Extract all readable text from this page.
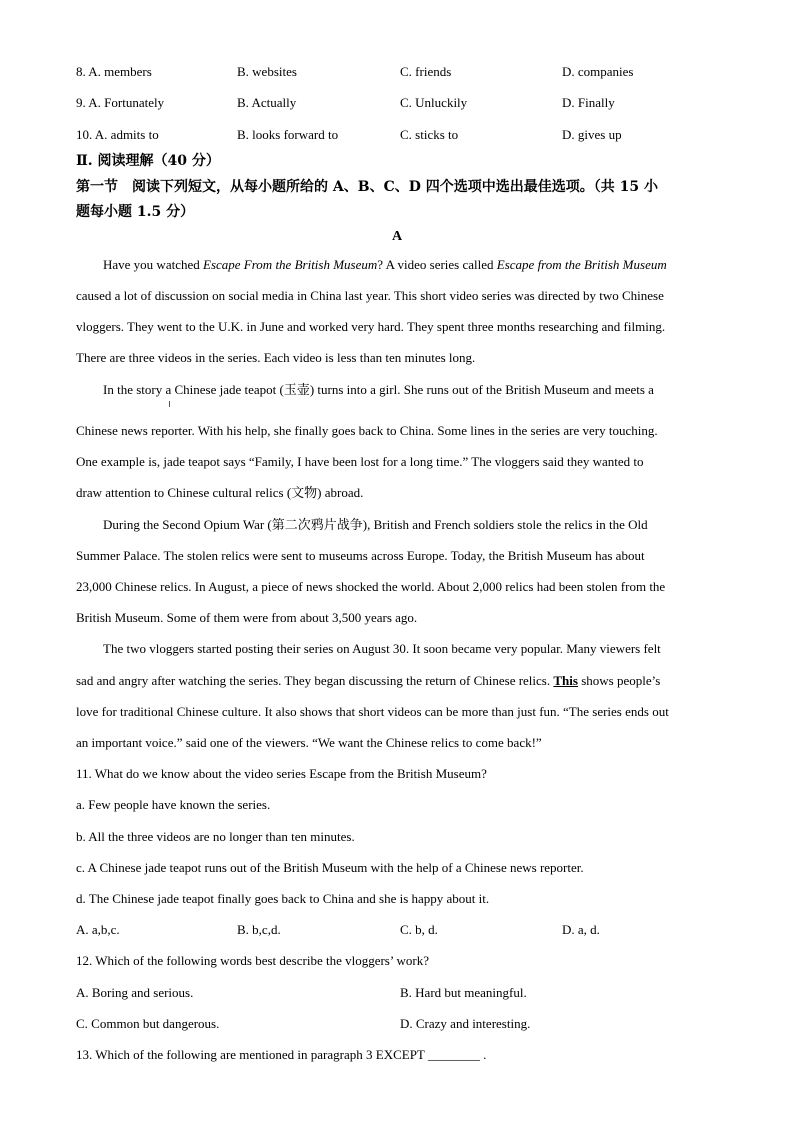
8. A. members	B. websites	C. friends	D. companies
9. A. Fortunately	B. Actually	C. Unluckily	D. Finally
10. A. admits to	B. looks forward to	C. sticks to	D. gives up
Ⅱ. 阅读理解（40 分）
第一节　阅读下列短文，从每小题所给的 A、B、C、D 四个选项中选出最佳选项。（共 15 小
题每小题 1.5 分）
A
Have you watched Escape From the British Museum? A video series called Escape from the British Museum
caused a lot of discussion on social media in China last year. This short video series was directed by two Chinese
vloggers. They went to the U.K. in June and worked very hard. They spent three months researching and filming.
There are three videos in the series. Each video is less than ten minutes long.
In the story a Chinese jade teapot (玉壶) turns into a girl. She runs out of the British Museum and meets a
Chinese news reporter. With his help, she finally goes back to China. Some lines in the series are very touching.
One example is, jade teapot says “Family, I have been lost for a long time.” The vloggers said they wanted to
draw attention to Chinese cultural relics (文物) abroad.
During the Second Opium War (第二次鸦片战争), British and French soldiers stole the relics in the Old
Summer Palace. The stolen relics were sent to museums across Europe. Today, the British Museum has about
23,000 Chinese relics. In August, a piece of news shocked the world. About 2,000 relics had been stolen from the
British Museum. Some of them were from about 3,500 years ago.
The two vloggers started posting their series on August 30. It soon became very popular. Many viewers felt
sad and angry after watching the series. They began discussing the return of Chinese relics. This shows people’s
love for traditional Chinese culture. It also shows that short videos can be more than just fun. “The series ends out
an important voice.” said one of the viewers. “We want the Chinese relics to come back!”
11. What do we know about the video series Escape from the British Museum?
a. Few people have known the series.
b. All the three videos are no longer than ten minutes.
c. A Chinese jade teapot runs out of the British Museum with the help of a Chinese news reporter.
d. The Chinese jade teapot finally goes back to China and she is happy about it.
A. a,b,c.	B. b,c,d.	C. b, d.	D. a, d.
12. Which of the following words best describe the vloggers’ work?
A. Boring and serious.	B. Hard but meaningful.
C. Common but dangerous.	D. Crazy and interesting.
13. Which of the following are mentioned in paragraph 3 EXCEPT ________ .
